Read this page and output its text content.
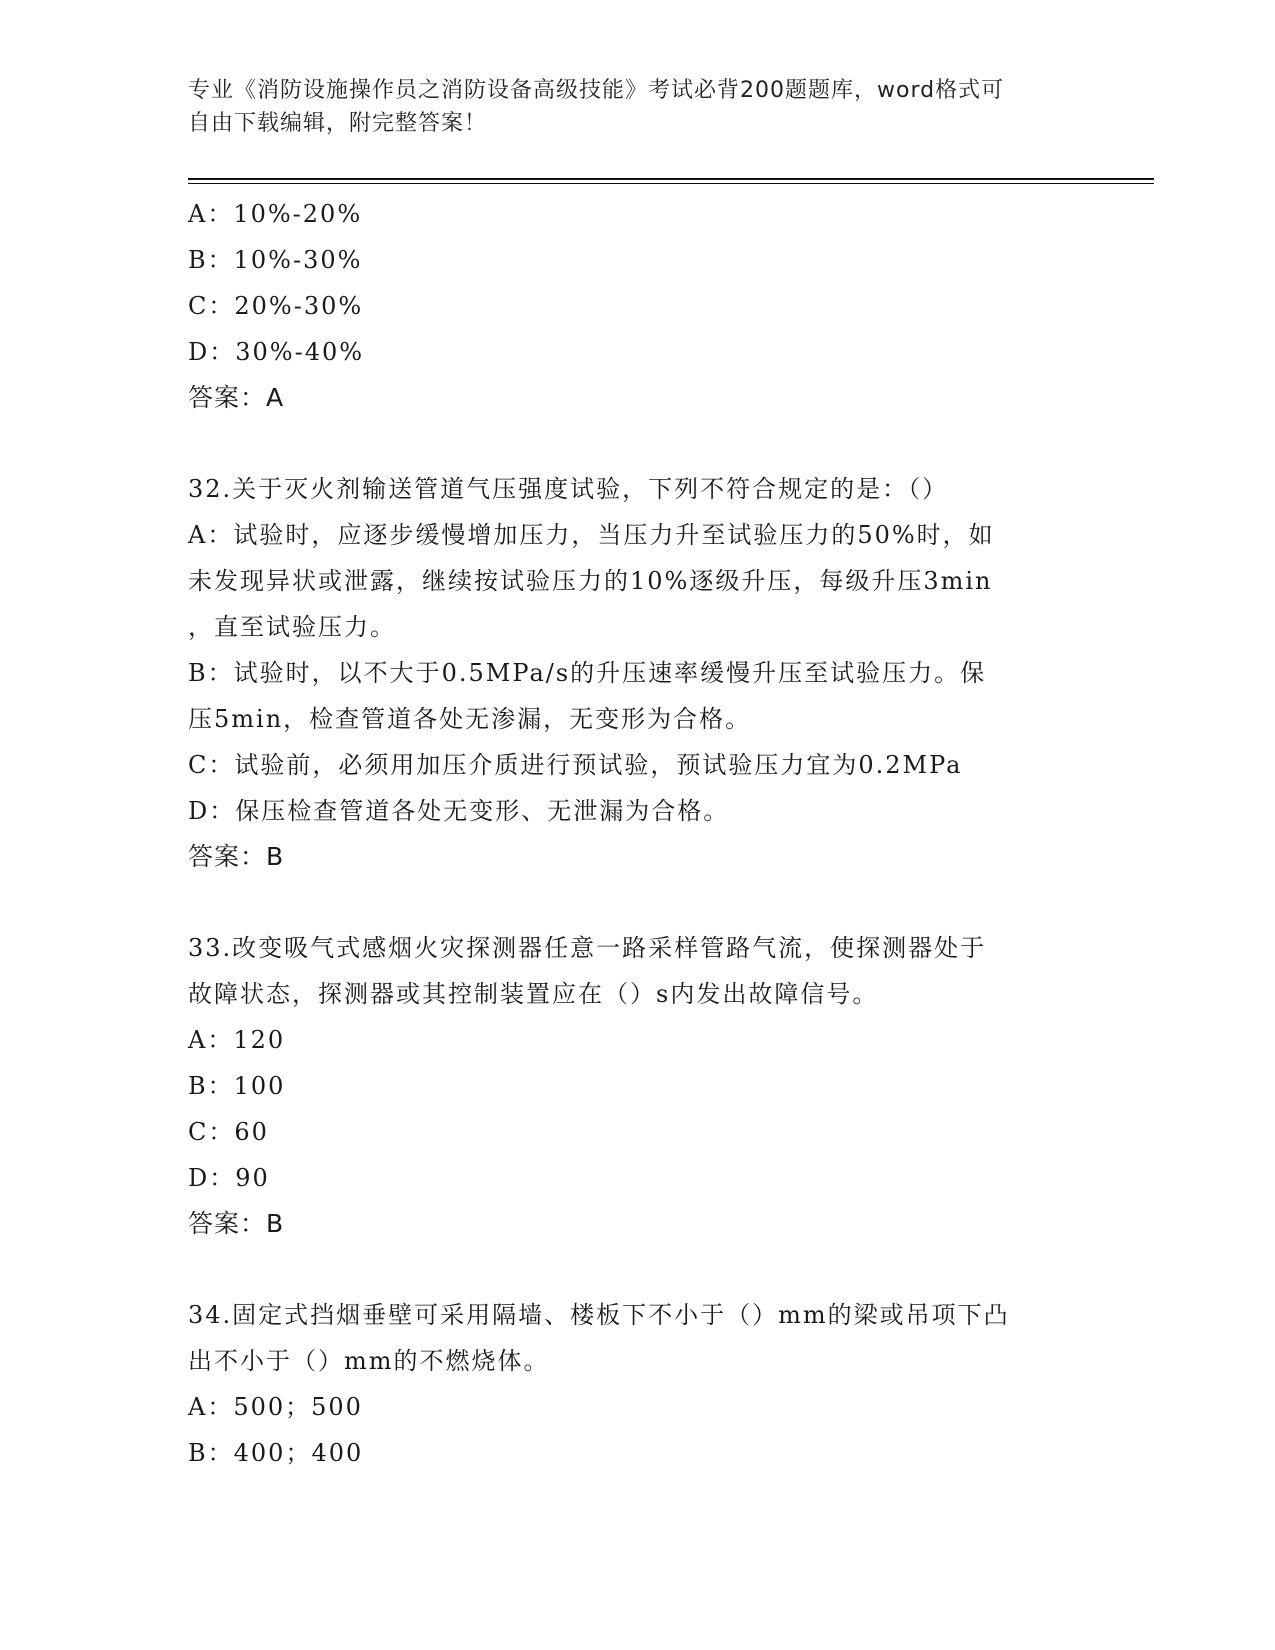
专业《消防设施操作员之消防设备高级技能》考试必背200题题库，word格式可
自由下载编辑，附完整答案！
A：10%-20%
B：10%-30%
C：20%-30%
D：30%-40%
答案：A
32.关于灭火剂输送管道气压强度试验，下列不符合规定的是：（）
A：试验时，应逐步缓慢增加压力，当压力升至试验压力的50%时，如
未发现异状或泄露，继续按试验压力的10%逐级升压，每级升压3min
，直至试验压力。
B：试验时，以不大于0.5MPa/s的升压速率缓慢升压至试验压力。保
压5min，检查管道各处无渗漏，无变形为合格。
C：试验前，必须用加压介质进行预试验，预试验压力宜为0.2MPa
D：保压检查管道各处无变形、无泄漏为合格。
答案：B
33.改变吸气式感烟火灾探测器任意一路采样管路气流，使探测器处于
故障状态，探测器或其控制装置应在（）s内发出故障信号。
A：120
B：100
C：60
D：90
答案：B
34.固定式挡烟垂壁可采用隔墙、楼板下不小于（）mm的梁或吊项下凸
出不小于（）mm的不燃烧体。
A：500；500
B：400；400
